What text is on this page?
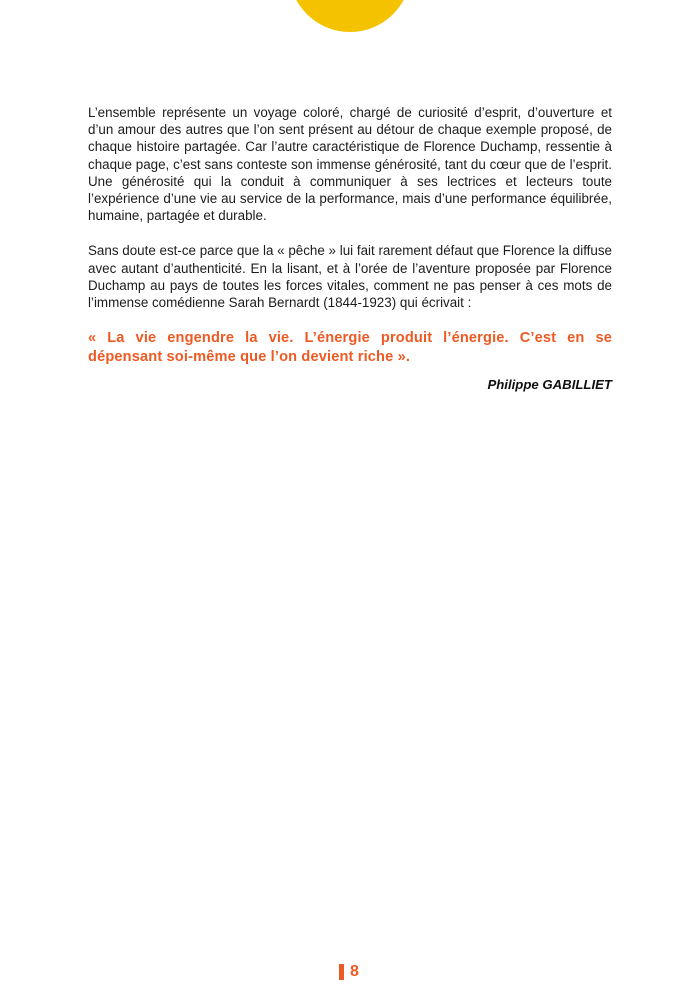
L’ensemble représente un voyage coloré, chargé de curiosité d’esprit, d’ouverture et d’un amour des autres que l’on sent présent au détour de chaque exemple proposé, de chaque histoire partagée. Car l’autre caractéristique de Florence Duchamp, ressentie à chaque page, c’est sans conteste son immense générosité, tant du cœur que de l’esprit. Une générosité qui la conduit à communiquer à ses lectrices et lecteurs toute l’expérience d’une vie au service de la performance, mais d’une performance équilibrée, humaine, partagée et durable.

Sans doute est-ce parce que la « pêche » lui fait rarement défaut que Florence la diffuse avec autant d’authenticité. En la lisant, et à l’orée de l’aventure proposée par Florence Duchamp au pays de toutes les forces vitales, comment ne pas penser à ces mots de l’immense comédienne Sarah Bernardt (1844-1923) qui écrivait :

« La vie engendre la vie. L’énergie produit l’énergie. C’est en se dépensant soi-même que l’on devient riche ».

Philippe GABILLIET

8
